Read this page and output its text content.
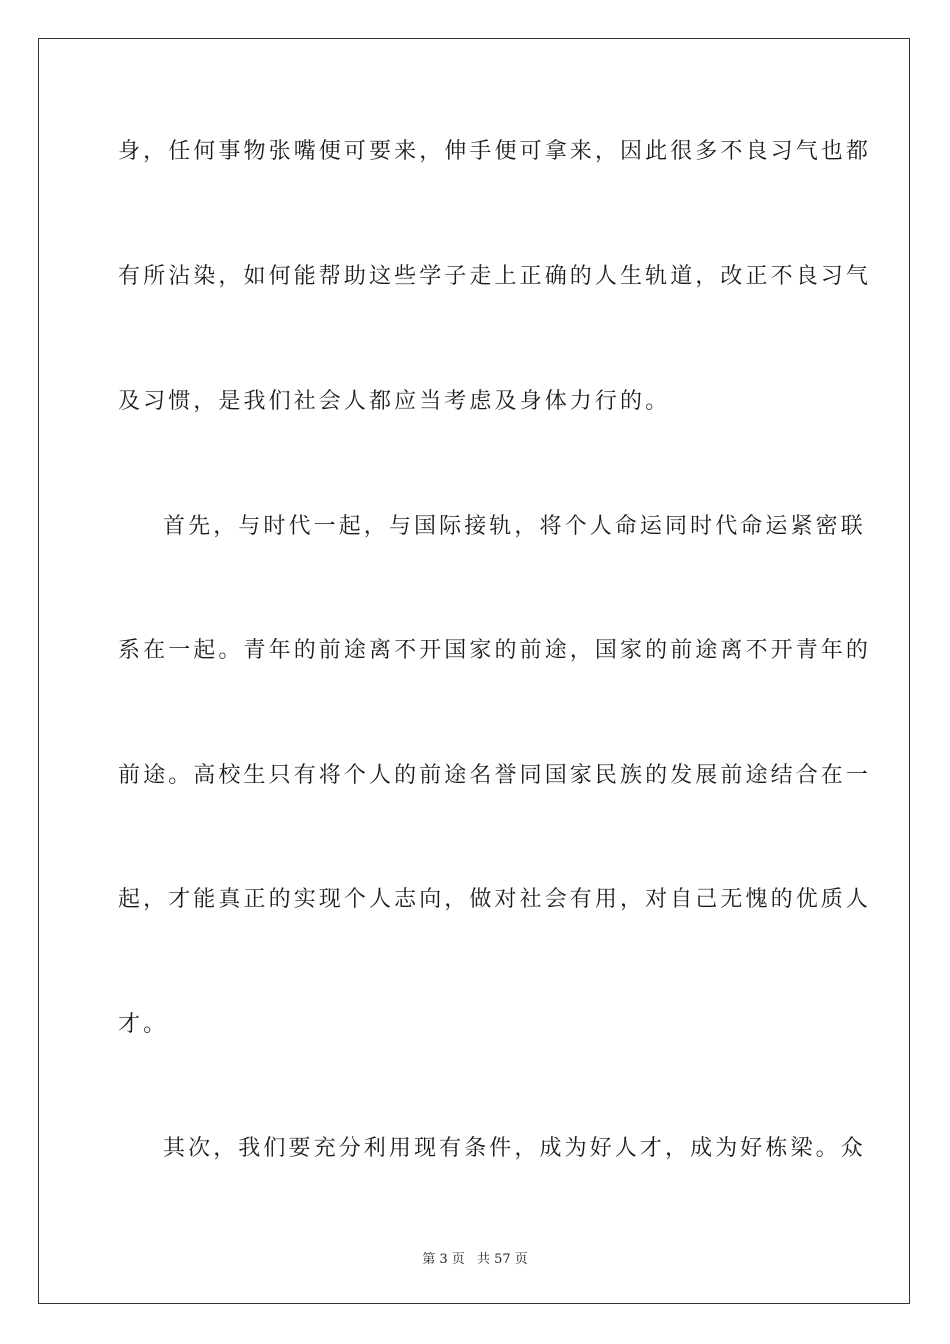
身，任何事物张嘴便可要来，伸手便可拿来，因此很多不良习气也都
有所沾染，如何能帮助这些学子走上正确的人生轨道，改正不良习气
及习惯，是我们社会人都应当考虑及身体力行的。
首先，与时代一起，与国际接轨，将个人命运同时代命运紧密联
系在一起。青年的前途离不开国家的前途，国家的前途离不开青年的
前途。高校生只有将个人的前途名誉同国家民族的发展前途结合在一
起，才能真正的实现个人志向，做对社会有用，对自己无愧的优质人
才。
其次，我们要充分利用现有条件，成为好人才，成为好栋梁。众
第 3 页 共 57 页
